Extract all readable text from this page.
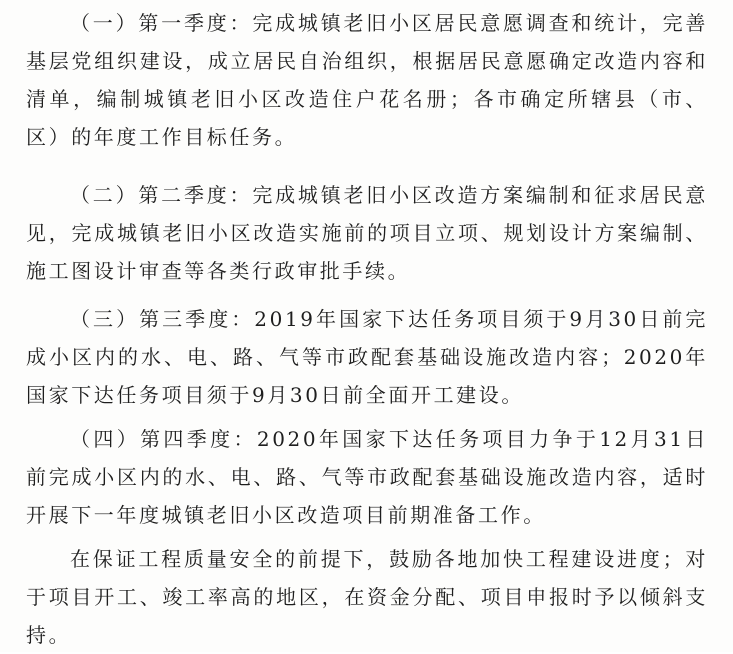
（一）第一季度：完成城镇老旧小区居民意愿调查和统计，完善基层党组织建设，成立居民自治组织，根据居民意愿确定改造内容和清单，编制城镇老旧小区改造住户花名册；各市确定所辖县（市、区）的年度工作目标任务。

（二）第二季度：完成城镇老旧小区改造方案编制和征求居民意见，完成城镇老旧小区改造实施前的项目立项、规划设计方案编制、施工图设计审查等各类行政审批手续。

（三）第三季度：2019年国家下达任务项目须于9月30日前完成小区内的水、电、路、气等市政配套基础设施改造内容；2020年国家下达任务项目须于9月30日前全面开工建设。

（四）第四季度：2020年国家下达任务项目力争于12月31日前完成小区内的水、电、路、气等市政配套基础设施改造内容，适时开展下一年度城镇老旧小区改造项目前期准备工作。

在保证工程质量安全的前提下，鼓励各地加快工程建设进度；对于项目开工、竣工率高的地区，在资金分配、项目申报时予以倾斜支持。
